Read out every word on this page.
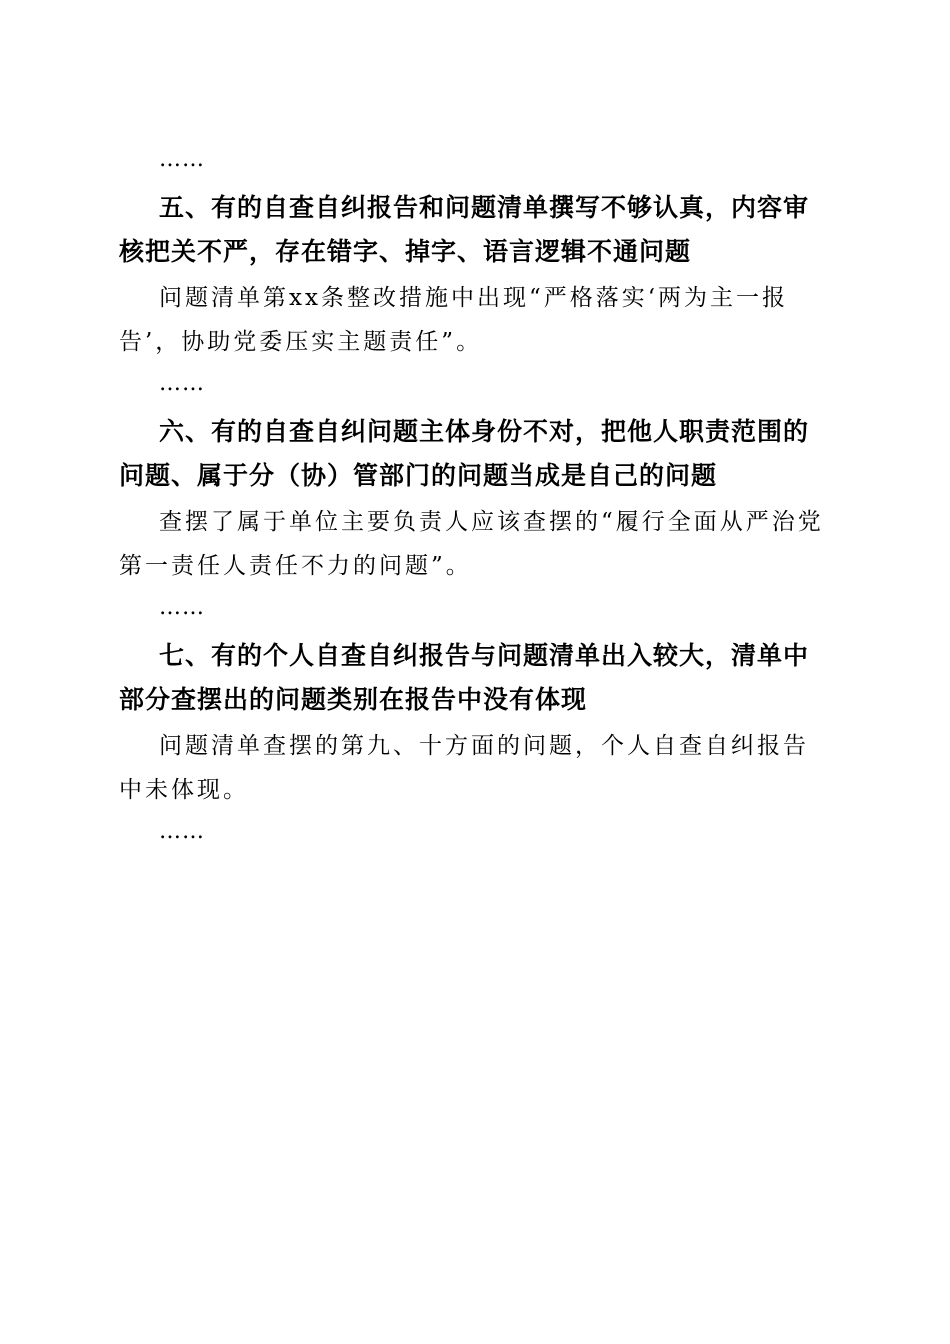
……
五、有的自查自纠报告和问题清单撰写不够认真，内容审核把关不严，存在错字、掉字、语言逻辑不通问题

问题清单第xx条整改措施中出现“严格落实‘两为主一报告’，协助党委压实主题责任”。

……
六、有的自查自纠问题主体身份不对，把他人职责范围的问题、属于分（协）管部门的问题当成是自己的问题

查摆了属于单位主要负责人应该查摆的“履行全面从严治党第一责任人责任不力的问题”。

……
七、有的个人自查自纠报告与问题清单出入较大，清单中部分查摆出的问题类别在报告中没有体现

问题清单查摆的第九、十方面的问题，个人自查自纠报告中未体现。

……
